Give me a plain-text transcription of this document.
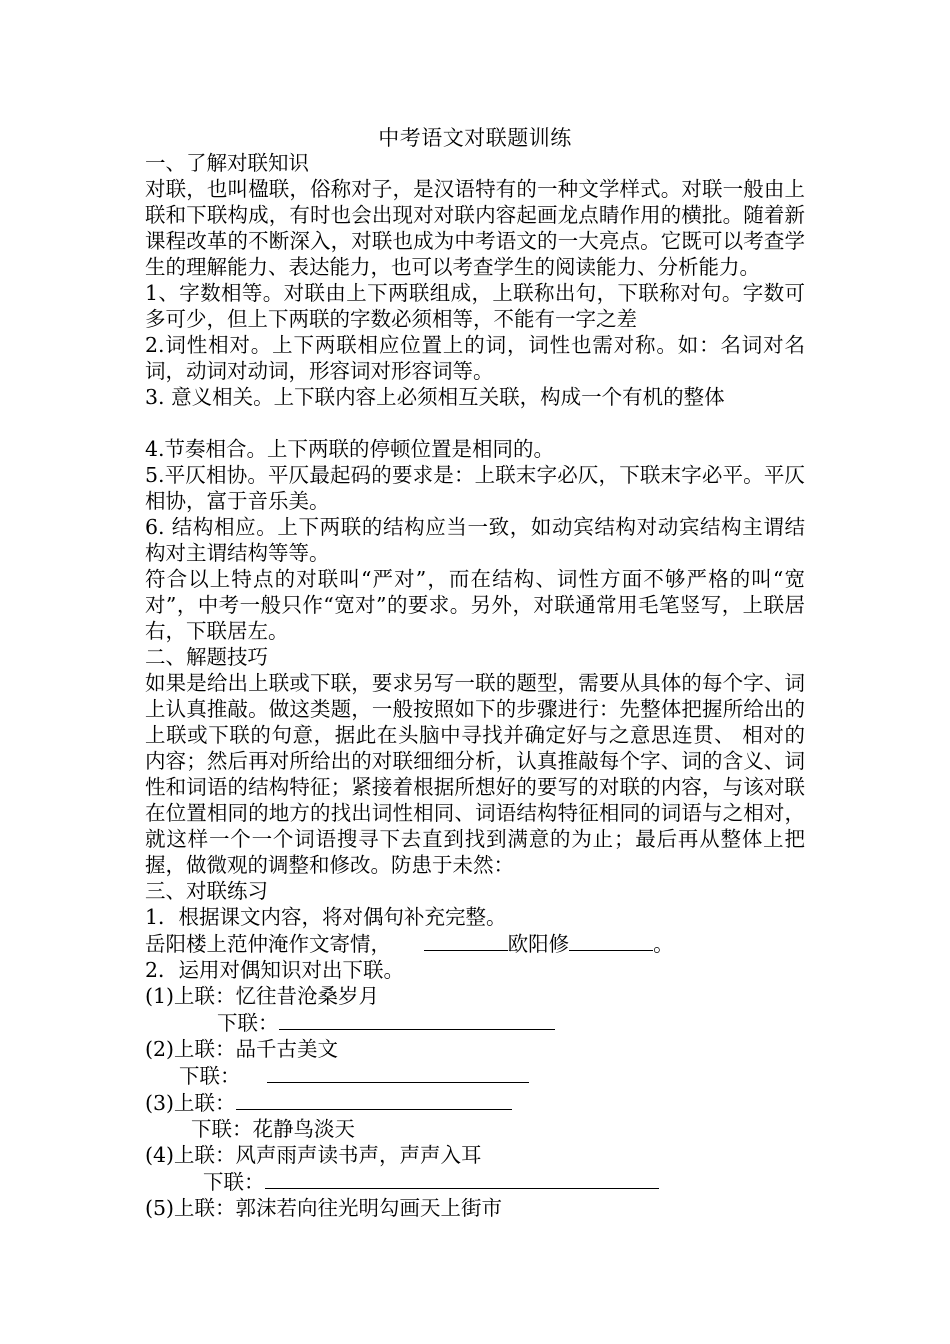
中考语文对联题训练

一、了解对联知识

对联，也叫楹联，俗称对子，是汉语特有的一种文学样式。对联一般由上联和下联构成，有时也会出现对对联内容起画龙点睛作用的横批。随着新课程改革的不断深入，对联也成为中考语文的一大亮点。它既可以考查学生的理解能力、表达能力，也可以考查学生的阅读能力、分析能力。

1、字数相等。对联由上下两联组成，上联称出句，下联称对句。字数可多可少，但上下两联的字数必须相等，不能有一字之差

2.词性相对。上下两联相应位置上的词，词性也需对称。如：名词对名词，动词对动词，形容词对形容词等。

3. 意义相关。上下联内容上必须相互关联，构成一个有机的整体

4.节奏相合。上下两联的停顿位置是相同的。

5.平仄相协。平仄最起码的要求是：上联末字必仄，下联末字必平。平仄相协，富于音乐美。

6. 结构相应。上下两联的结构应当一致，如动宾结构对动宾结构主谓结构对主谓结构等等。

符合以上特点的对联叫“严对”，而在结构、词性方面不够严格的叫“宽对”，中考一般只作“宽对”的要求。另外，对联通常用毛笔竖写，上联居右，下联居左。

二、解题技巧

如果是给出上联或下联，要求另写一联的题型，需要从具体的每个字、词上认真推敲。做这类题，一般按照如下的步骤进行：先整体把握所给出的上联或下联的句意，据此在头脑中寻找并确定好与之意思连贯、 相对的内容；然后再对所给出的对联细细分析，认真推敲每个字、词的含义、词性和词语的结构特征；紧接着根据所想好的要写的对联的内容，与该对联在位置相同的地方的找出词性相同、词语结构特征相同的词语与之相对，就这样一个一个词语搜寻下去直到找到满意的为止；最后再从整体上把握，做微观的调整和修改。防患于未然：

三、对联练习

1．根据课文内容，将对偶句补充完整。

岳阳楼上范仲淹作文寄情，	欧阳修	。

2．运用对偶知识对出下联。

(1)上联：忆往昔沧桑岁月

下联：

(2)上联：品千古美文

下联：

(3)上联：

下联：花静鸟淡天

(4)上联：风声雨声读书声，声声入耳

下联：

(5)上联：郭沫若向往光明勾画天上街市
